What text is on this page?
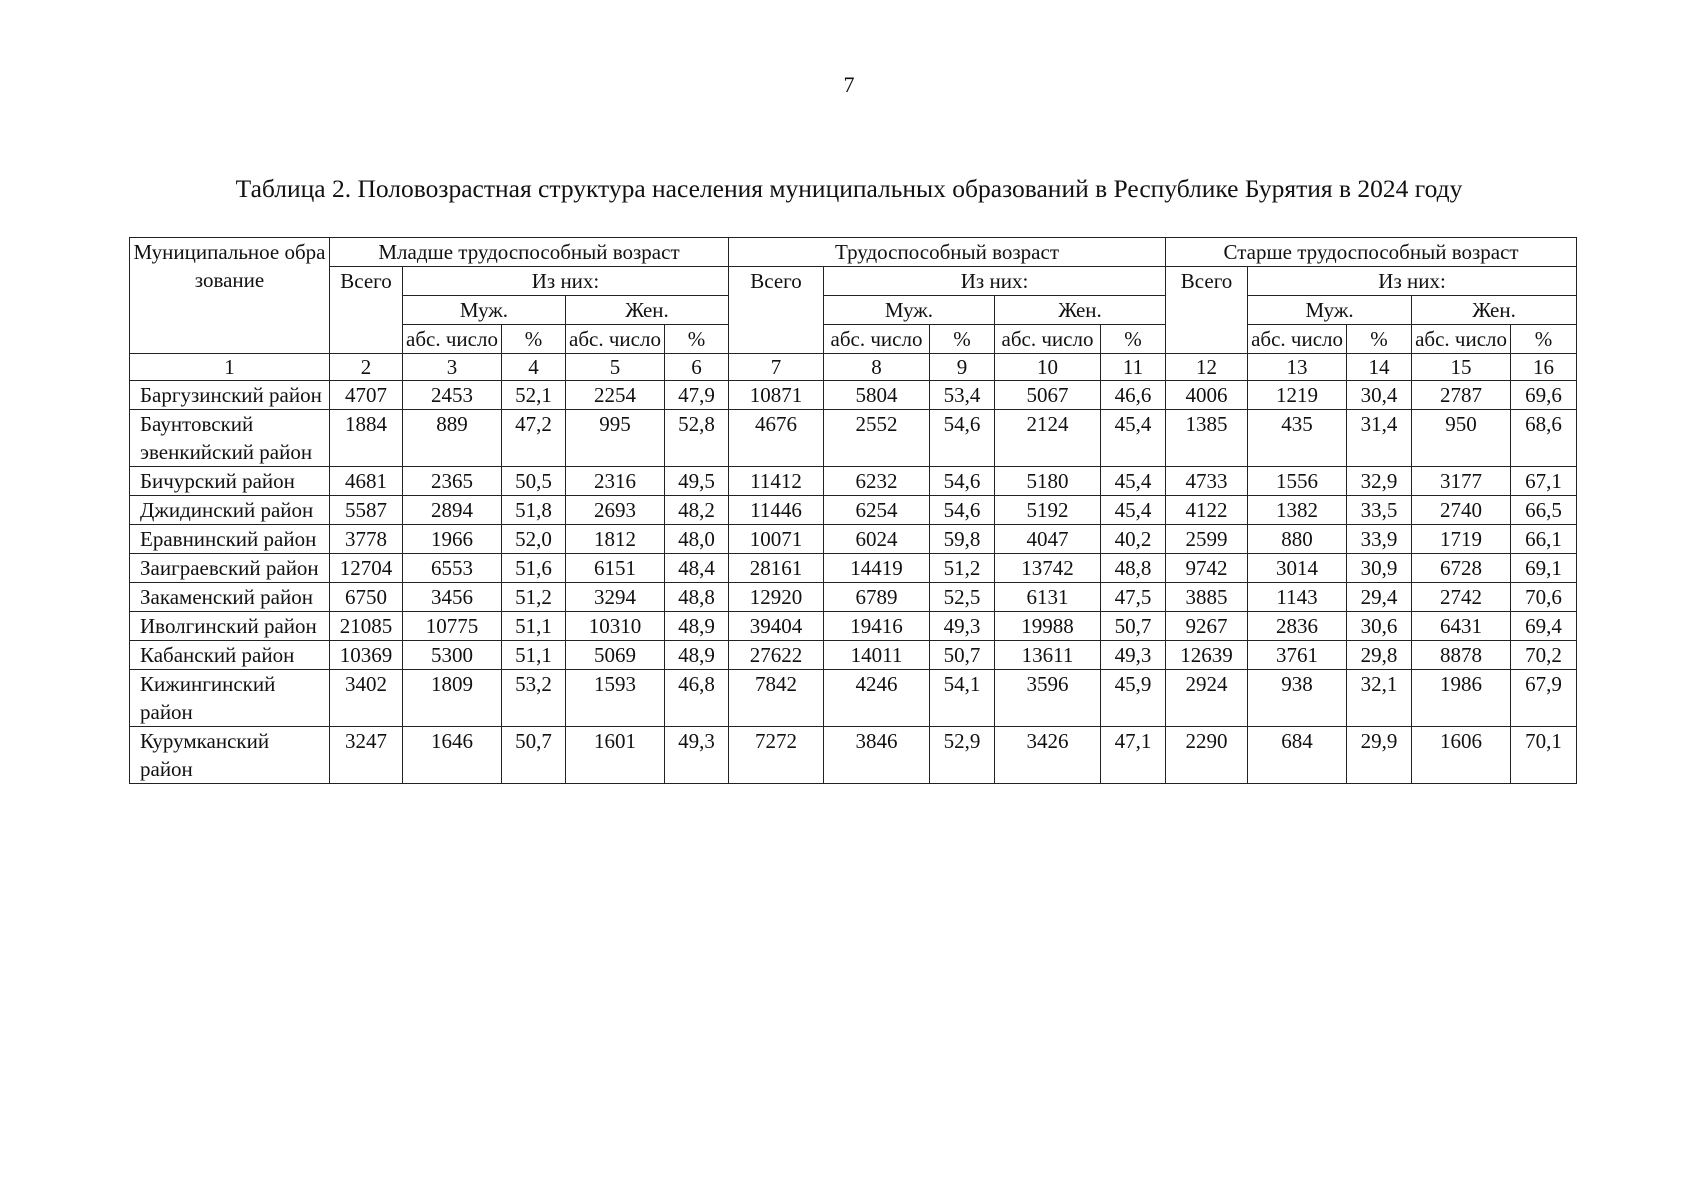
7
Таблица 2. Половозрастная структура населения муниципальных образований в Республике Бурятия в 2024 году
Муниципальное образование	Младше трудоспособный возраст					Трудоспособный возраст					Старше трудоспособный возраст				
	Всего	Из них:				Всего	Из них:				Всего	Из них:			
		Муж.		Жен.			Муж.		Жен.			Муж.		Жен.	
		абс. число	%	абс. число	%		абс. число	%	абс. число	%		абс. число	%	абс. число	%
1	2	3	4	5	6	7	8	9	10	11	12	13	14	15	16
Баргузинский район	4707	2453	52,1	2254	47,9	10871	5804	53,4	5067	46,6	4006	1219	30,4	2787	69,6
Баунтовский эвенкийский район	1884	889	47,2	995	52,8	4676	2552	54,6	2124	45,4	1385	435	31,4	950	68,6
Бичурский район	4681	2365	50,5	2316	49,5	11412	6232	54,6	5180	45,4	4733	1556	32,9	3177	67,1
Джидинский район	5587	2894	51,8	2693	48,2	11446	6254	54,6	5192	45,4	4122	1382	33,5	2740	66,5
Еравнинский район	3778	1966	52,0	1812	48,0	10071	6024	59,8	4047	40,2	2599	880	33,9	1719	66,1
Заиграевский район	12704	6553	51,6	6151	48,4	28161	14419	51,2	13742	48,8	9742	3014	30,9	6728	69,1
Закаменский район	6750	3456	51,2	3294	48,8	12920	6789	52,5	6131	47,5	3885	1143	29,4	2742	70,6
Иволгинский район	21085	10775	51,1	10310	48,9	39404	19416	49,3	19988	50,7	9267	2836	30,6	6431	69,4
Кабанский район	10369	5300	51,1	5069	48,9	27622	14011	50,7	13611	49,3	12639	3761	29,8	8878	70,2
Кижингинский район	3402	1809	53,2	1593	46,8	7842	4246	54,1	3596	45,9	2924	938	32,1	1986	67,9
Курумканский район	3247	1646	50,7	1601	49,3	7272	3846	52,9	3426	47,1	2290	684	29,9	1606	70,1
